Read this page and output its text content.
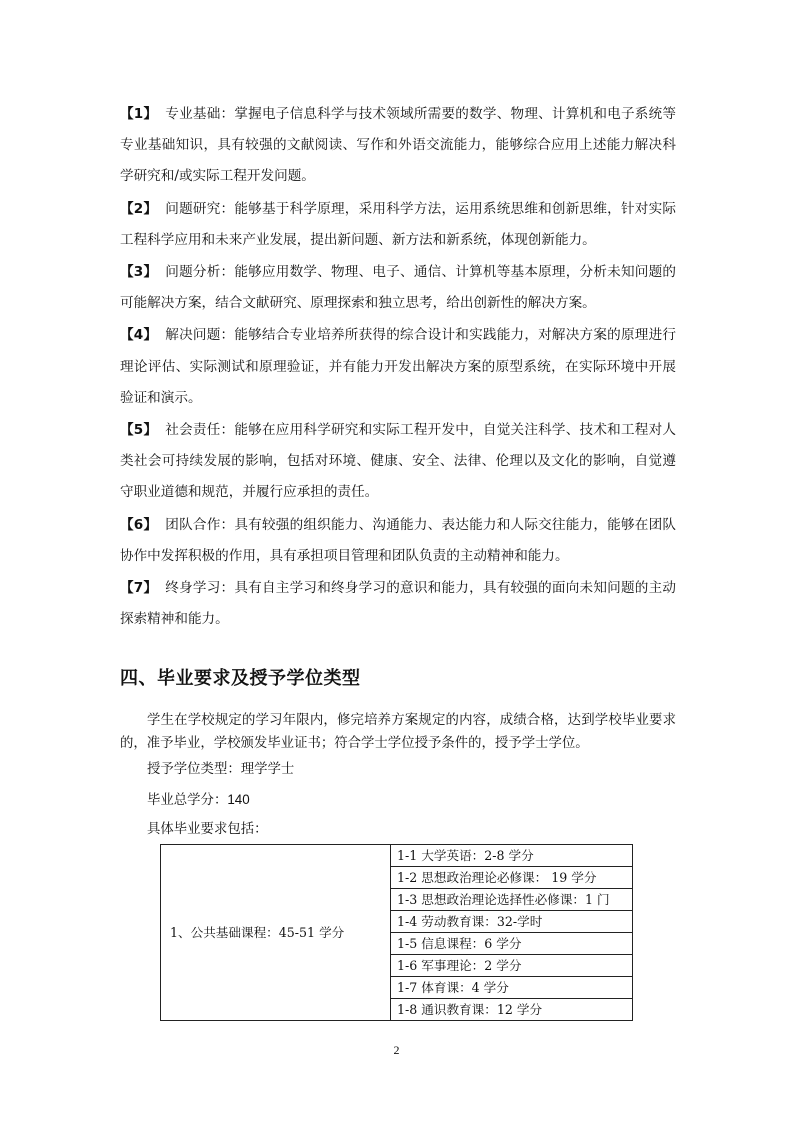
【1】 专业基础：掌握电子信息科学与技术领域所需要的数学、物理、计算机和电子系统等专业基础知识，具有较强的文献阅读、写作和外语交流能力，能够综合应用上述能力解决科学研究和/或实际工程开发问题。

【2】 问题研究：能够基于科学原理，采用科学方法，运用系统思维和创新思维，针对实际工程科学应用和未来产业发展，提出新问题、新方法和新系统，体现创新能力。

【3】 问题分析：能够应用数学、物理、电子、通信、计算机等基本原理，分析未知问题的可能解决方案，结合文献研究、原理探索和独立思考，给出创新性的解决方案。

【4】 解决问题：能够结合专业培养所获得的综合设计和实践能力，对解决方案的原理进行理论评估、实际测试和原理验证，并有能力开发出解决方案的原型系统，在实际环境中开展验证和演示。

【5】 社会责任：能够在应用科学研究和实际工程开发中，自觉关注科学、技术和工程对人类社会可持续发展的影响，包括对环境、健康、安全、法律、伦理以及文化的影响，自觉遵守职业道德和规范，并履行应承担的责任。

【6】 团队合作：具有较强的组织能力、沟通能力、表达能力和人际交往能力，能够在团队协作中发挥积极的作用，具有承担项目管理和团队负责的主动精神和能力。

【7】 终身学习：具有自主学习和终身学习的意识和能力，具有较强的面向未知问题的主动探索精神和能力。

四、毕业要求及授予学位类型

学生在学校规定的学习年限内，修完培养方案规定的内容，成绩合格，达到学校毕业要求的，准予毕业，学校颁发毕业证书；符合学士学位授予条件的，授予学士学位。

授予学位类型：理学学士
毕业总学分：140
具体毕业要求包括：
1、公共基础课程：45-51 学分	1-1 大学英语：2-8 学分
1-2 思想政治理论必修课： 19 学分
1-3 思想政治理论选择性必修课：1 门
1-4 劳动教育课：32-学时
1-5 信息课程：6 学分
1-6 军事理论：2 学分
1-7 体育课：4 学分
1-8 通识教育课：12 学分
2
